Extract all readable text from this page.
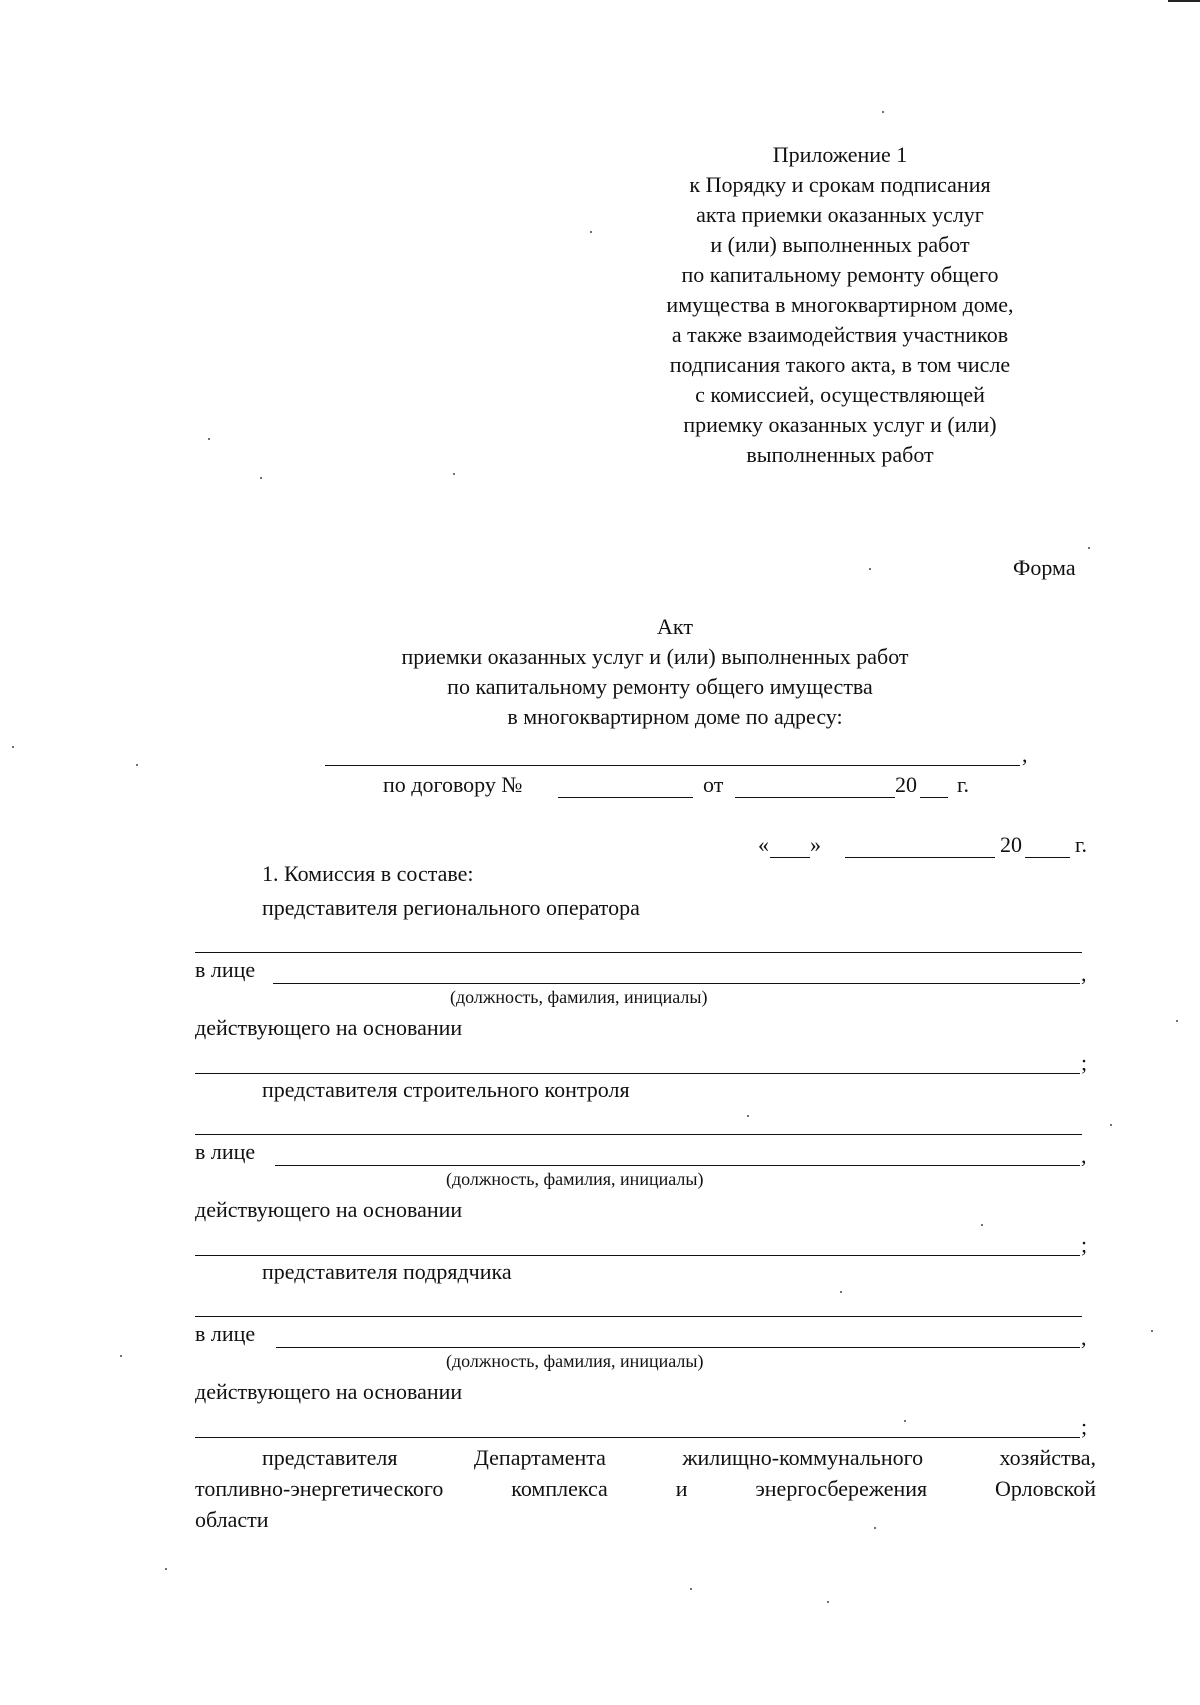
Приложение 1
к Порядку и срокам подписания
акта приемки оказанных услуг
и (или) выполненных работ
по капитальному ремонту общего
имущества в многоквартирном доме,
а также взаимодействия участников
подписания такого акта, в том числе
с комиссией, осуществляющей
приемку оказанных услуг и (или)
выполненных работ
Форма
Акт
приемки оказанных услуг и (или) выполненных работ
по капитальному ремонту общего имущества
в многоквартирном доме по адресу:
,
по договору №	от	20 г.
« »	20 г.
1. Комиссия в составе:
представителя регионального оператора
в лице	,
(должность, фамилия, инициалы)
действующего на основании
;
представителя строительного контроля
в лице	,
(должность, фамилия, инициалы)
действующего на основании
;
представителя подрядчика
в лице	,
(должность, фамилия, инициалы)
действующего на основании
;
представителя	Департамента	жилищно-коммунального	хозяйства,
топливно-энергетического	комплекса	и	энергосбережения	Орловской
области
